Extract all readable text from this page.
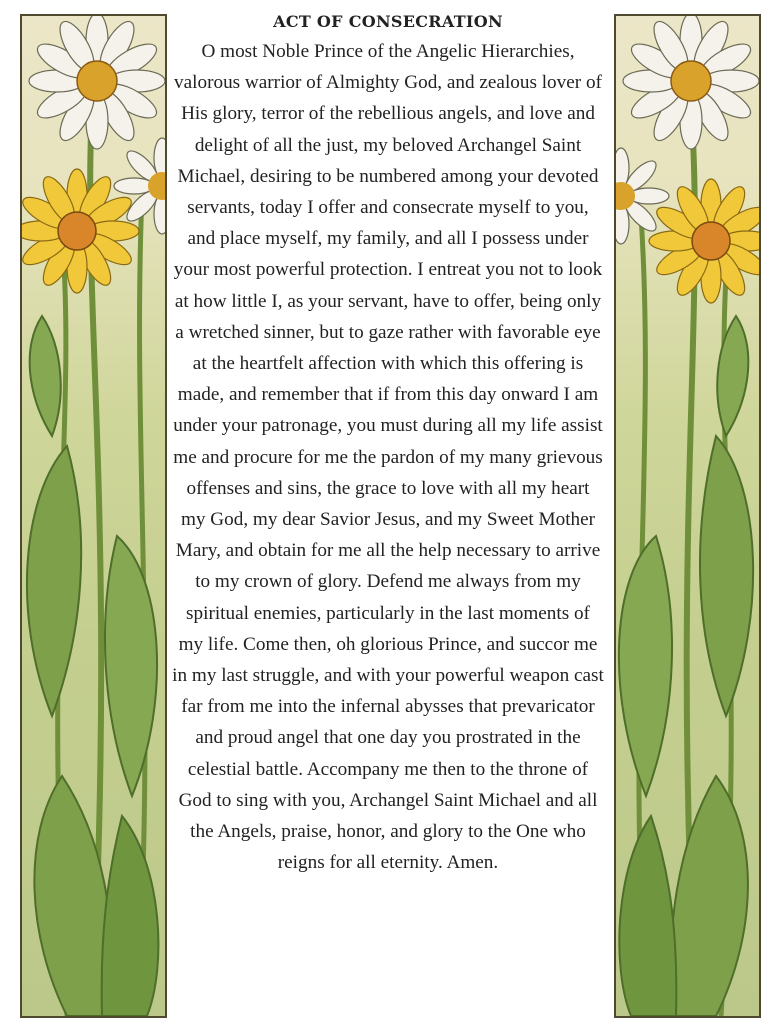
ACT OF CONSECRATION

O most Noble Prince of the Angelic Hierarchies, valorous warrior of Almighty God, and zealous lover of His glory, terror of the rebellious angels, and love and delight of all the just, my beloved Archangel Saint Michael, desiring to be numbered among your devoted servants, today I offer and consecrate myself to you, and place myself, my family, and all I possess under your most powerful protection. I entreat you not to look at how little I, as your servant, have to offer, being only a wretched sinner, but to gaze rather with favorable eye at the heartfelt affection with which this offering is made, and remember that if from this day onward I am under your patronage, you must during all my life assist me and procure for me the pardon of my many grievous offenses and sins, the grace to love with all my heart my God, my dear Savior Jesus, and my Sweet Mother Mary, and obtain for me all the help necessary to arrive to my crown of glory. Defend me always from my spiritual enemies, particularly in the last moments of my life. Come then, oh glorious Prince, and succor me in my last struggle, and with your powerful weapon cast far from me into the infernal abysses that prevaricator and proud angel that one day you prostrated in the celestial battle. Accompany me then to the throne of God to sing with you, Archangel Saint Michael and all the Angels, praise, honor, and glory to the One who reigns for all eternity. Amen.
